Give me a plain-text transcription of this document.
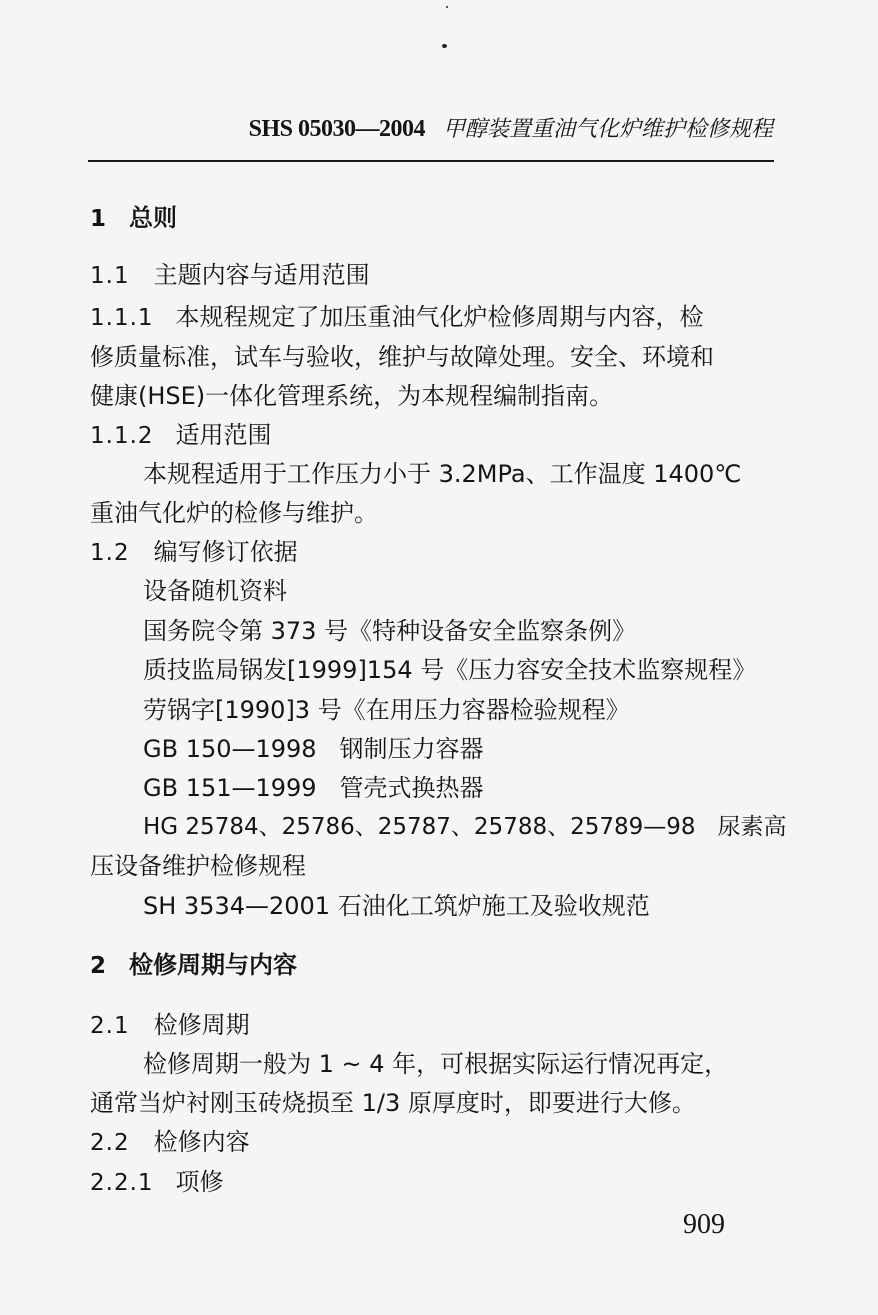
SHS 05030—2004 甲醇装置重油气化炉维护检修规程
1 总则
1.1 主题内容与适用范围
1.1.1 本规程规定了加压重油气化炉检修周期与内容，检
修质量标准，试车与验收，维护与故障处理。安全、环境和
健康(HSE)一体化管理系统，为本规程编制指南。
1.1.2 适用范围
本规程适用于工作压力小于 3.2MPa、工作温度 1400℃
重油气化炉的检修与维护。
1.2 编写修订依据
设备随机资料
国务院令第 373 号《特种设备安全监察条例》
质技监局锅发[1999]154 号《压力容安全技术监察规程》
劳锅字[1990]3 号《在用压力容器检验规程》
GB 150—1998   钢制压力容器
GB 151—1999   管壳式换热器
HG 25784、25786、25787、25788、25789—98   尿素高
压设备维护检修规程
SH 3534—2001 石油化工筑炉施工及验收规范
2 检修周期与内容
2.1 检修周期
检修周期一般为 1 ~ 4 年，可根据实际运行情况再定，
通常当炉衬刚玉砖烧损至 1/3 原厚度时，即要进行大修。
2.2 检修内容
2.2.1 项修
909
